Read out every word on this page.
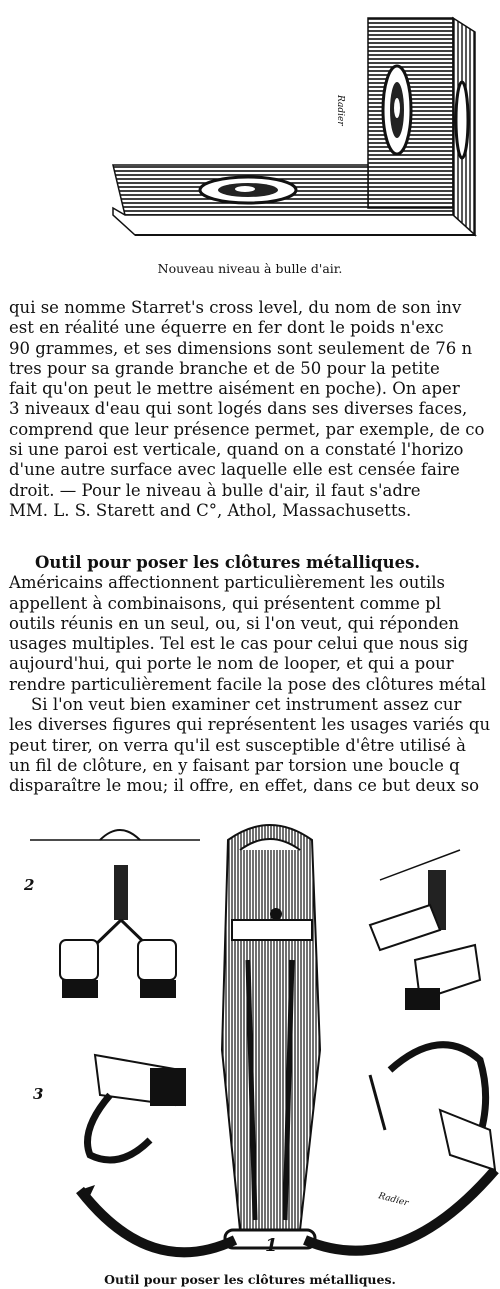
Radier
Nouveau niveau à bulle d'air.
qui se nomme Starret's cross level, du nom de son inv
est en réalité une équerre en fer dont le poids n'exc
90 grammes, et ses dimensions sont seulement de 76 n
tres pour sa grande branche et de 50 pour la petite
fait qu'on peut le mettre aisément en poche). On aper
3 niveaux d'eau qui sont logés dans ses diverses faces,
comprend que leur présence permet, par exemple, de co
si une paroi est verticale, quand on a constaté l'horizo
d'une autre surface avec laquelle elle est censée faire
droit. — Pour le niveau à bulle d'air, il faut s'adre
MM. L. S. Starett and C°, Athol, Massachusetts.
Outil pour poser les clôtures métalliques.
Américains affectionnent particulièrement les outils
appellent à combinaisons, qui présentent comme pl
outils réunis en un seul, ou, si l'on veut, qui réponden
usages multiples. Tel est le cas pour celui que nous sig
aujourd'hui, qui porte le nom de looper, et qui a pour
rendre particulièrement facile la pose des clôtures métal
Si l'on veut bien examiner cet instrument assez cur
les diverses figures qui représentent les usages variés qu
peut tirer, on verra qu'il est susceptible d'être utilisé à
un fil de clôture, en y faisant par torsion une boucle q
disparaître le mou; il offre, en effet, dans ce but deux so
2
3
1
Radier
Outil pour poser les clôtures métalliques.
